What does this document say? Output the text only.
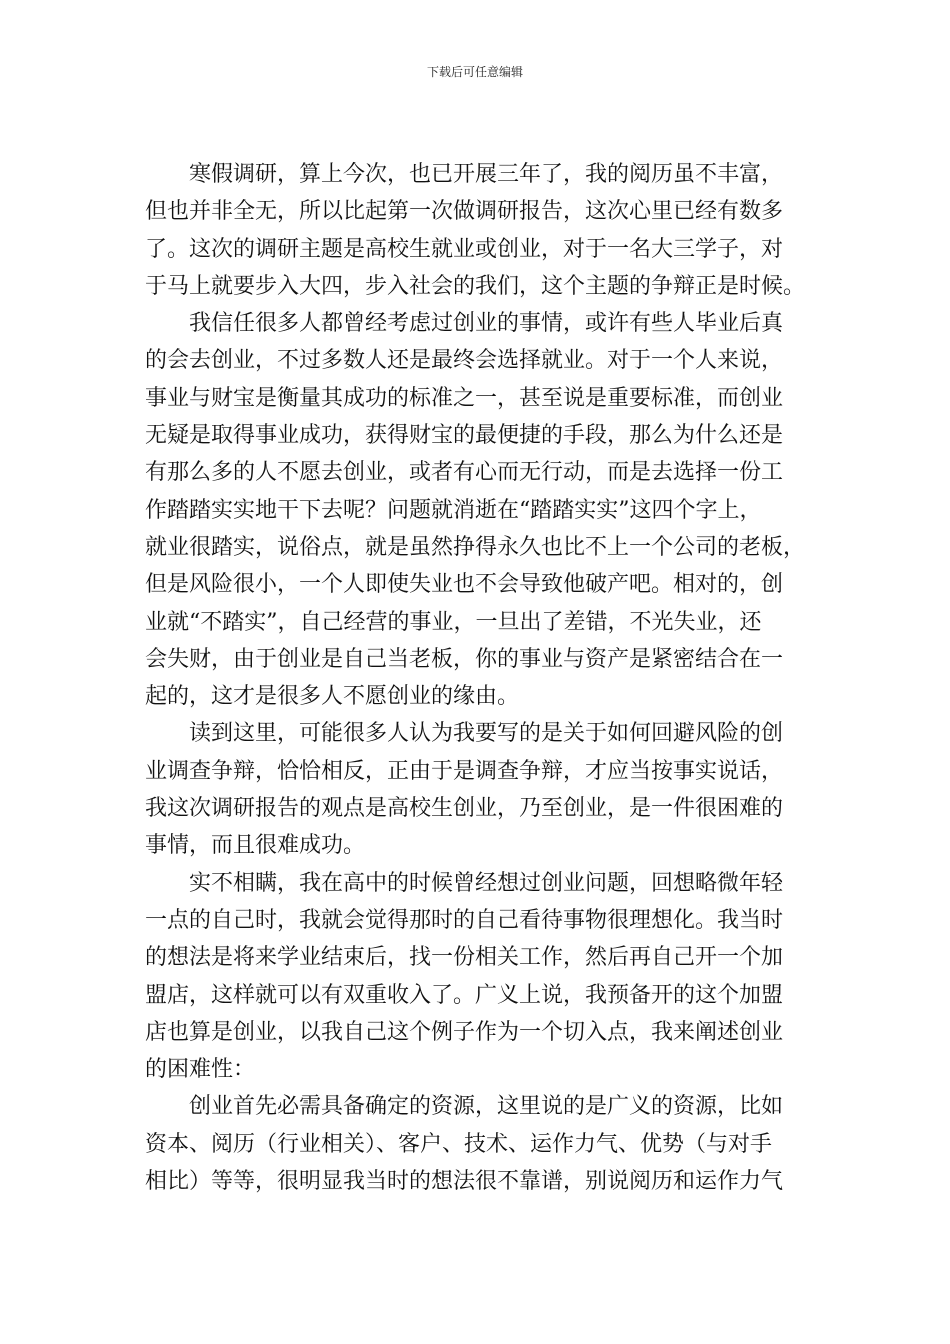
下载后可任意编辑
寒假调研，算上今次，也已开展三年了，我的阅历虽不丰富，
但也并非全无，所以比起第一次做调研报告，这次心里已经有数多
了。这次的调研主题是高校生就业或创业，对于一名大三学子，对
于马上就要步入大四，步入社会的我们，这个主题的争辩正是时候。
我信任很多人都曾经考虑过创业的事情，或许有些人毕业后真
的会去创业，不过多数人还是最终会选择就业。对于一个人来说，
事业与财宝是衡量其成功的标准之一，甚至说是重要标准，而创业
无疑是取得事业成功，获得财宝的最便捷的手段，那么为什么还是
有那么多的人不愿去创业，或者有心而无行动，而是去选择一份工
作踏踏实实地干下去呢？问题就消逝在“踏踏实实”这四个字上，
就业很踏实，说俗点，就是虽然挣得永久也比不上一个公司的老板，
但是风险很小，一个人即使失业也不会导致他破产吧。相对的，创
业就“不踏实”，自己经营的事业，一旦出了差错，不光失业，还
会失财，由于创业是自己当老板，你的事业与资产是紧密结合在一
起的，这才是很多人不愿创业的缘由。
读到这里，可能很多人认为我要写的是关于如何回避风险的创
业调查争辩，恰恰相反，正由于是调查争辩，才应当按事实说话，
我这次调研报告的观点是高校生创业，乃至创业，是一件很困难的
事情，而且很难成功。
实不相瞒，我在高中的时候曾经想过创业问题，回想略微年轻
一点的自己时，我就会觉得那时的自己看待事物很理想化。我当时
的想法是将来学业结束后，找一份相关工作，然后再自己开一个加
盟店，这样就可以有双重收入了。广义上说，我预备开的这个加盟
店也算是创业，以我自己这个例子作为一个切入点，我来阐述创业
的困难性：
创业首先必需具备确定的资源，这里说的是广义的资源，比如
资本、阅历（行业相关）、客户、技术、运作力气、优势（与对手
相比）等等，很明显我当时的想法很不靠谱，别说阅历和运作力气
